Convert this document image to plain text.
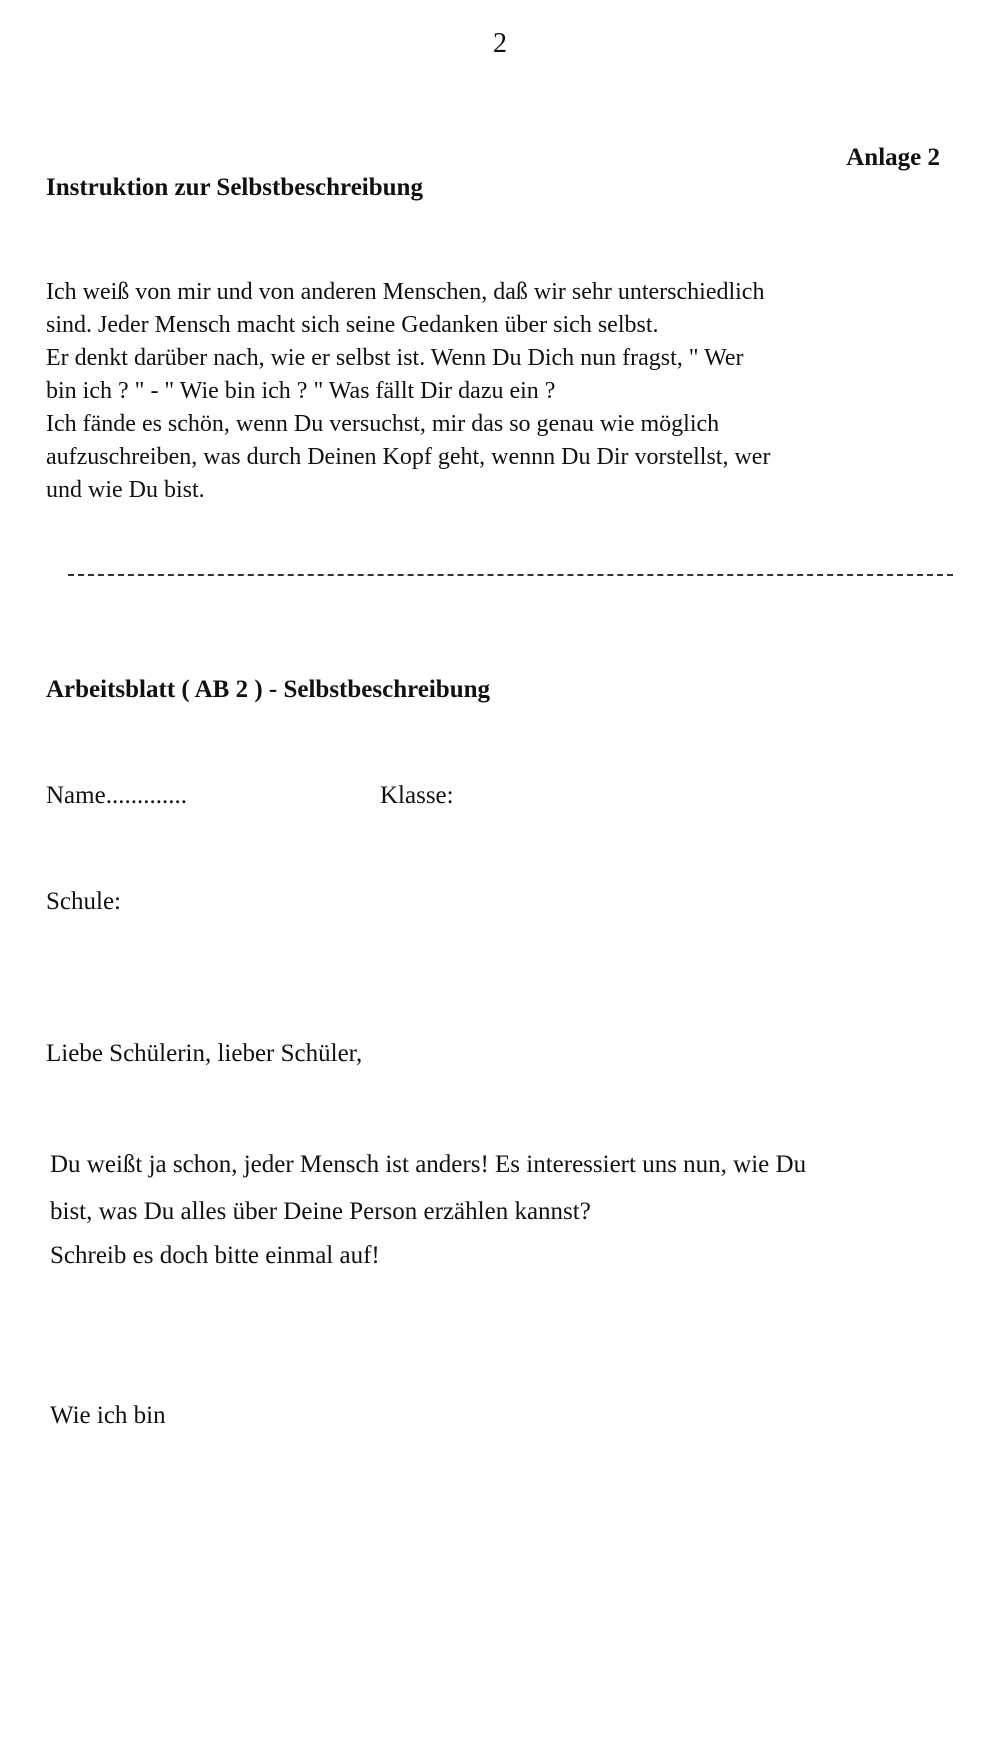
2
Anlage 2
Instruktion zur Selbstbeschreibung
Ich weiß von mir und von anderen Menschen, daß wir sehr unterschiedlich
sind. Jeder Mensch macht sich seine Gedanken über sich selbst.
Er denkt darüber nach, wie er selbst ist. Wenn Du Dich nun fragst, " Wer
bin ich ? " - " Wie bin ich ? " Was fällt Dir dazu ein ?
Ich fände es schön, wenn Du versuchst, mir das so genau wie möglich
aufzuschreiben, was durch Deinen Kopf geht, wennn Du Dir vorstellst, wer
und wie Du bist.
Arbeitsblatt ( AB 2 ) - Selbstbeschreibung
Name.............	Klasse:
Schule:
Liebe Schülerin, lieber Schüler,
Du weißt ja schon, jeder Mensch ist anders! Es interessiert uns nun, wie Du
bist, was Du alles über Deine Person erzählen kannst?
Schreib es doch bitte einmal auf!
Wie ich bin
